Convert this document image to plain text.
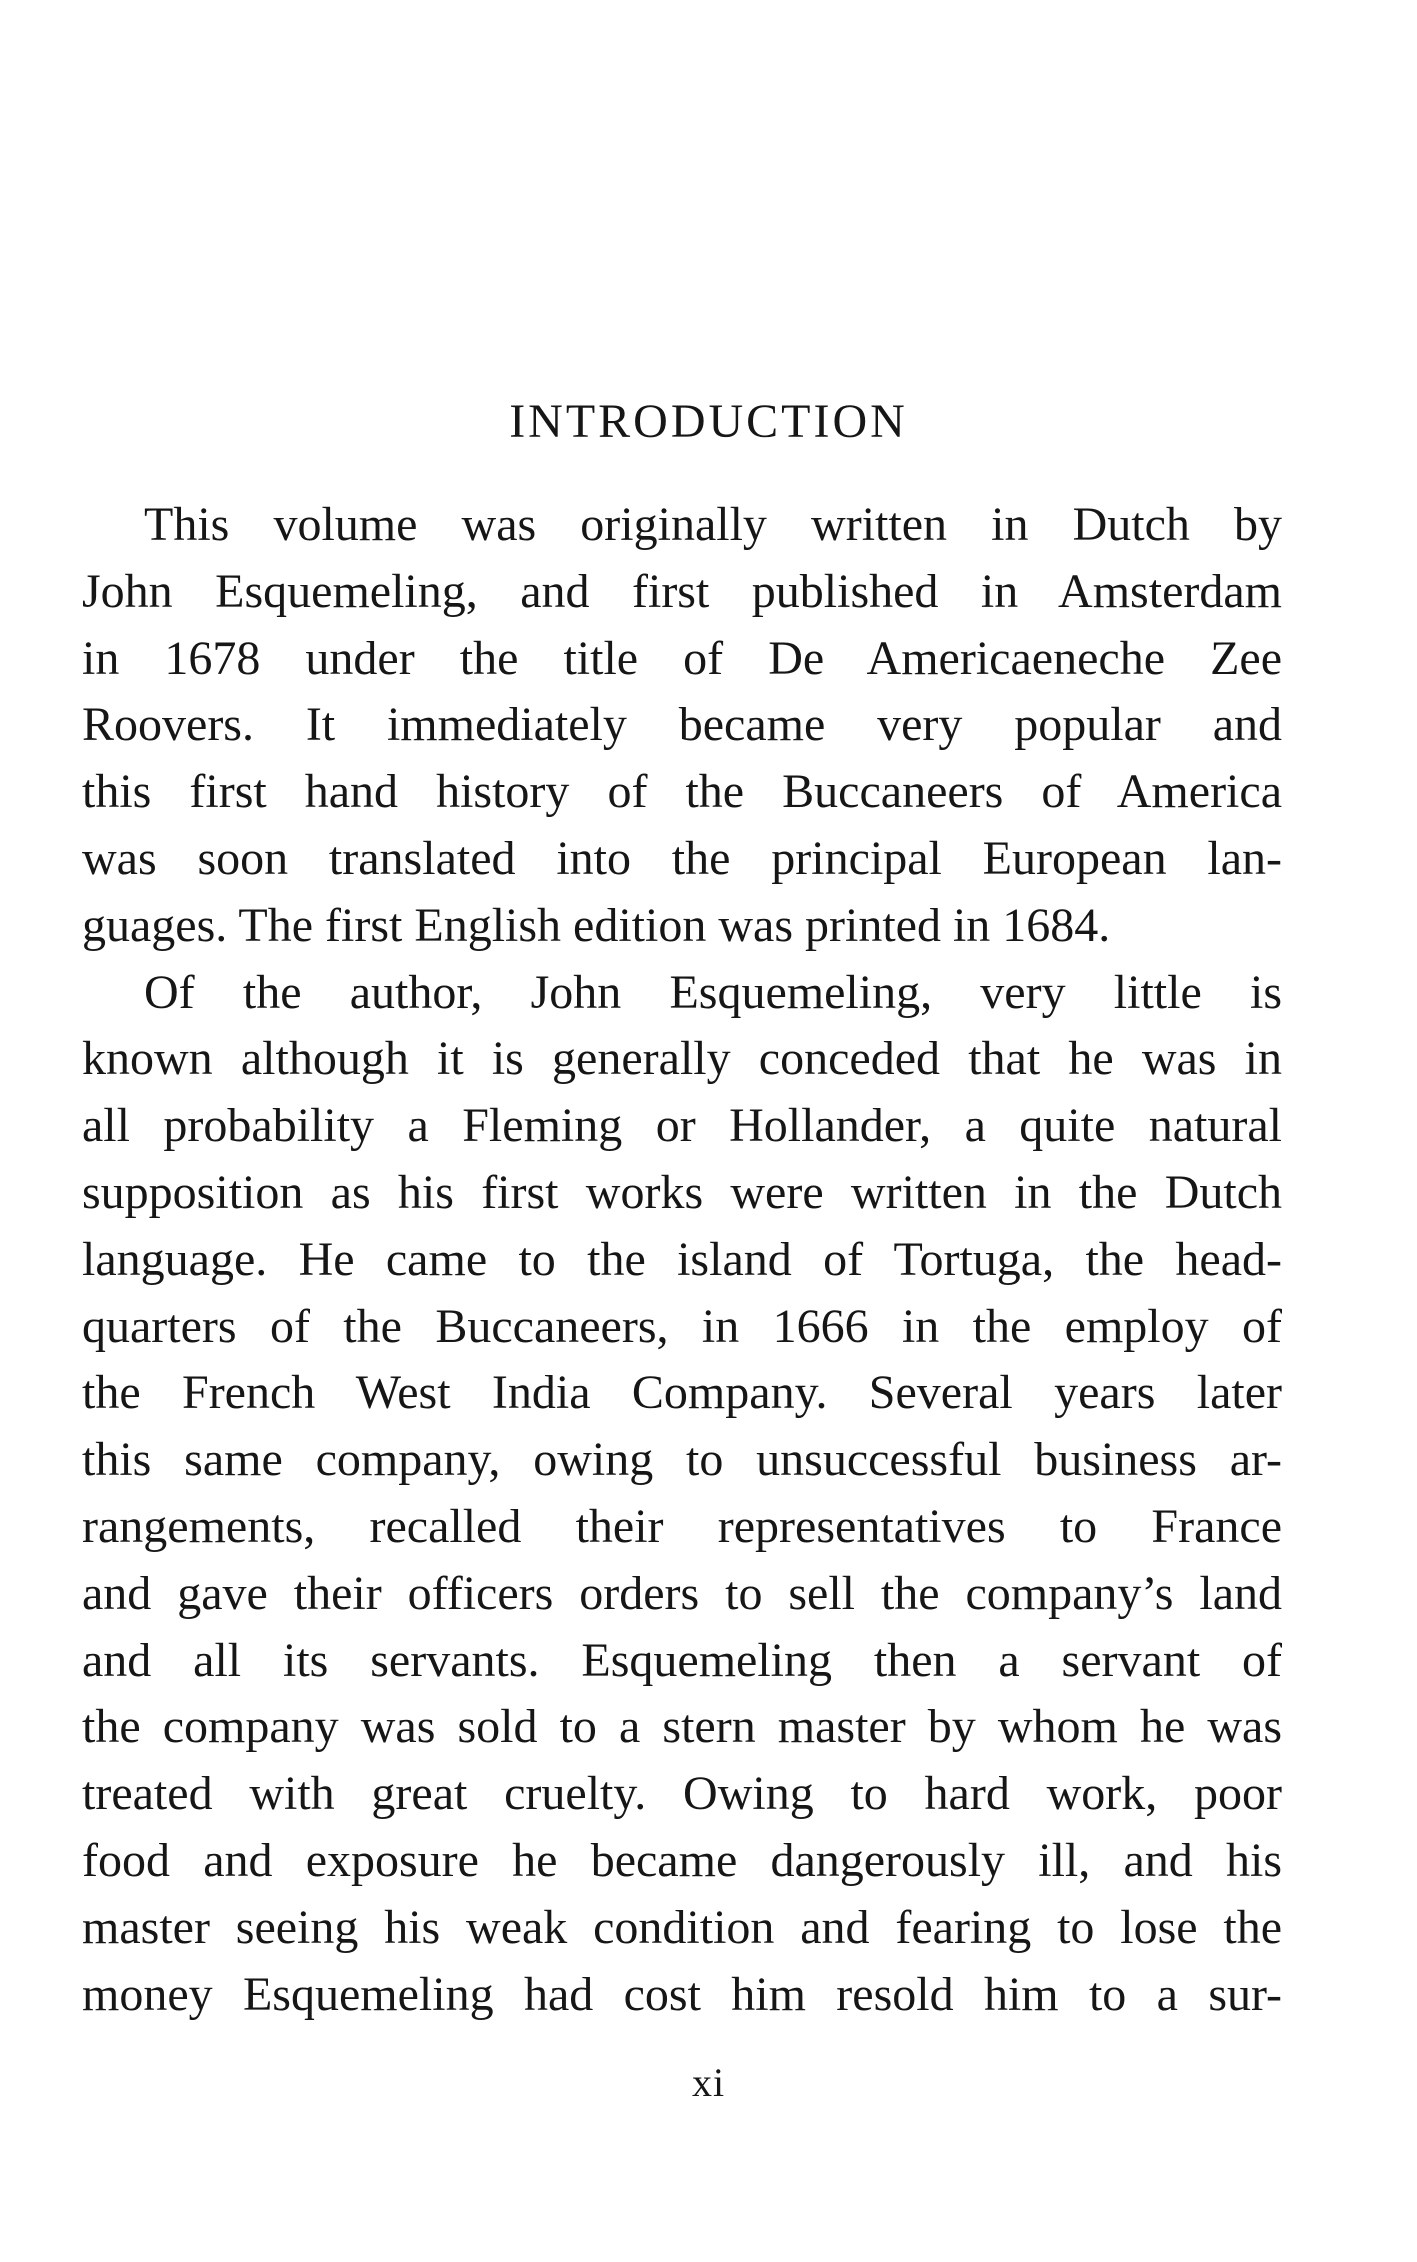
INTRODUCTION
This volume was originally written in Dutch by
John Esquemeling, and first published in Amsterdam
in 1678 under the title of De Americaeneche Zee
Roovers. It immediately became very popular and
this first hand history of the Buccaneers of America
was soon translated into the principal European lan-
guages. The first English edition was printed in 1684.
Of the author, John Esquemeling, very little is
known although it is generally conceded that he was in
all probability a Fleming or Hollander, a quite natural
supposition as his first works were written in the Dutch
language. He came to the island of Tortuga, the head-
quarters of the Buccaneers, in 1666 in the employ of
the French West India Company. Several years later
this same company, owing to unsuccessful business ar-
rangements, recalled their representatives to France
and gave their officers orders to sell the company’s land
and all its servants. Esquemeling then a servant of
the company was sold to a stern master by whom he was
treated with great cruelty. Owing to hard work, poor
food and exposure he became dangerously ill, and his
master seeing his weak condition and fearing to lose the
money Esquemeling had cost him resold him to a sur-
xi
